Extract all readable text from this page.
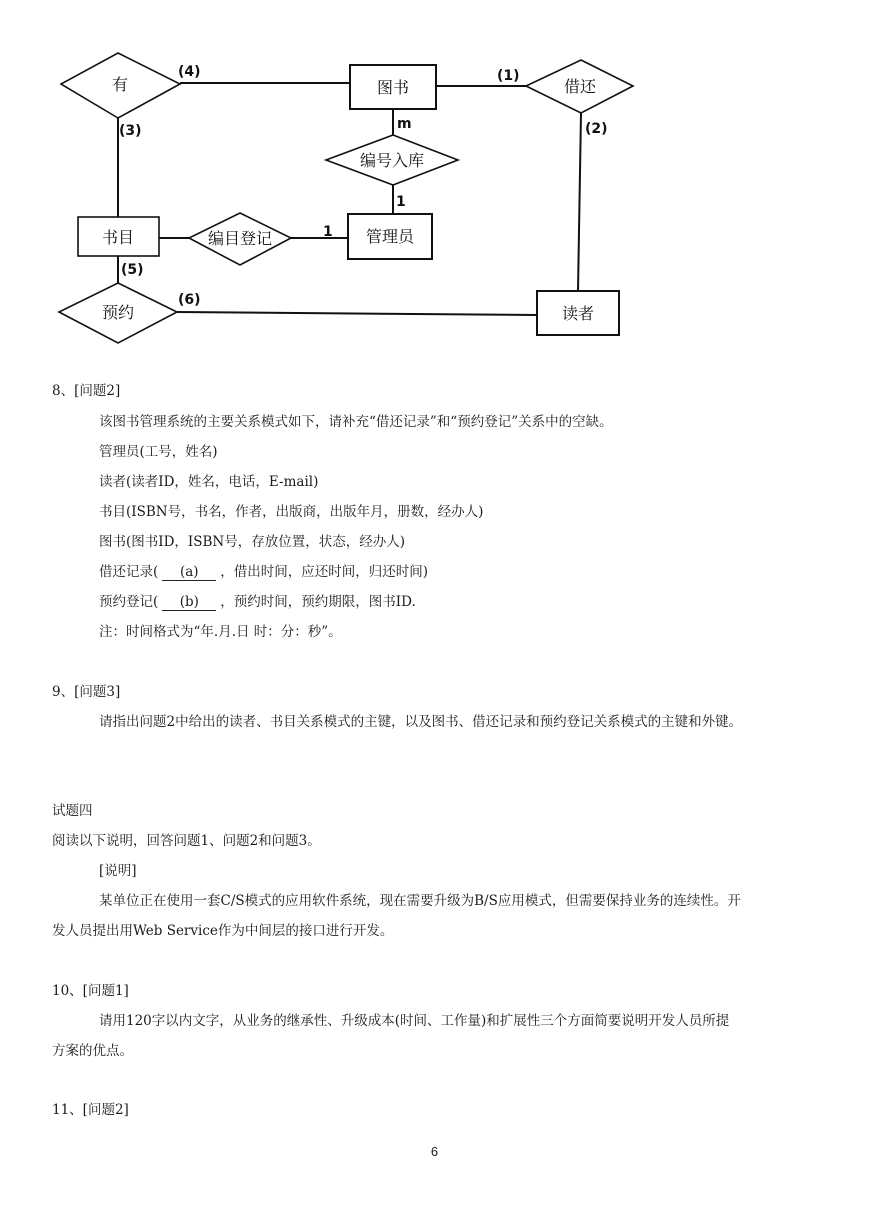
图书
书目	管理员
读者
有	借还
编号入库
编目登记
预约
(4)	(1)
(3)	(2)
m
1
1
(5)
(6)
8、[问题2]
该图书管理系统的主要关系模式如下，请补充“借还记录”和“预约登记”关系中的空缺。
管理员(工号，姓名)
读者(读者ID，姓名，电话，E-mail)
书目(ISBN号，书名，作者，出版商，出版年月，册数，经办人)
图书(图书ID，ISBN号，存放位置，状态，经办人)
借还记录( (a) ，借出时间，应还时间，归还时间)
预约登记( (b) ，预约时间，预约期限，图书ID.
注：时间格式为“年.月.日 时：分：秒”。
9、[问题3]
请指出问题2中给出的读者、书目关系模式的主键，以及图书、借还记录和预约登记关系模式的主键和外键。
试题四
阅读以下说明，回答问题1、问题2和问题3。
[说明]
某单位正在使用一套C/S模式的应用软件系统，现在需要升级为B/S应用模式，但需要保持业务的连续性。开
发人员提出用Web Service作为中间层的接口进行开发。
10、[问题1]
请用120字以内文字，从业务的继承性、升级成本(时间、工作量)和扩展性三个方面简要说明开发人员所提
方案的优点。
11、[问题2]
6
